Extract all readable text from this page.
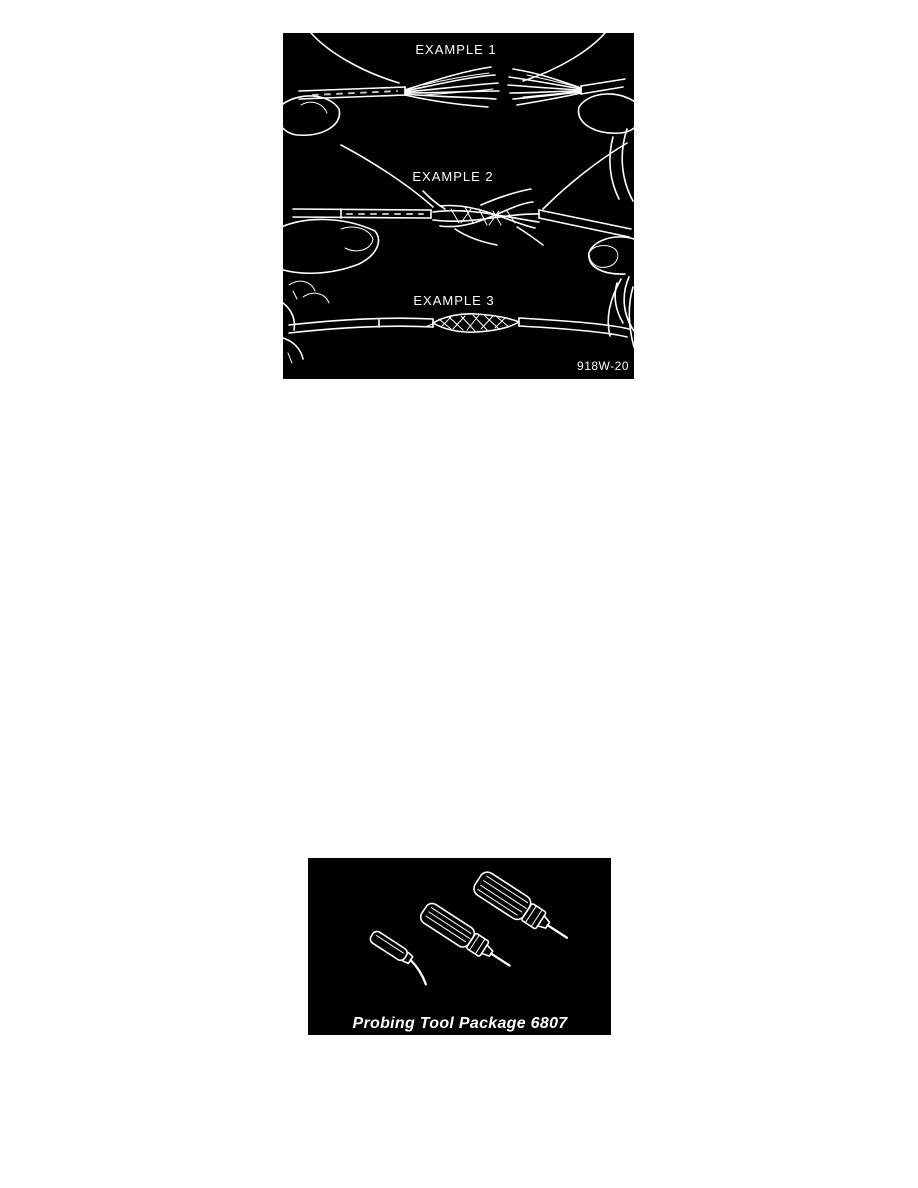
EXAMPLE 1
EXAMPLE 2
EXAMPLE 3
918W-20
Probing Tool Package 6807
